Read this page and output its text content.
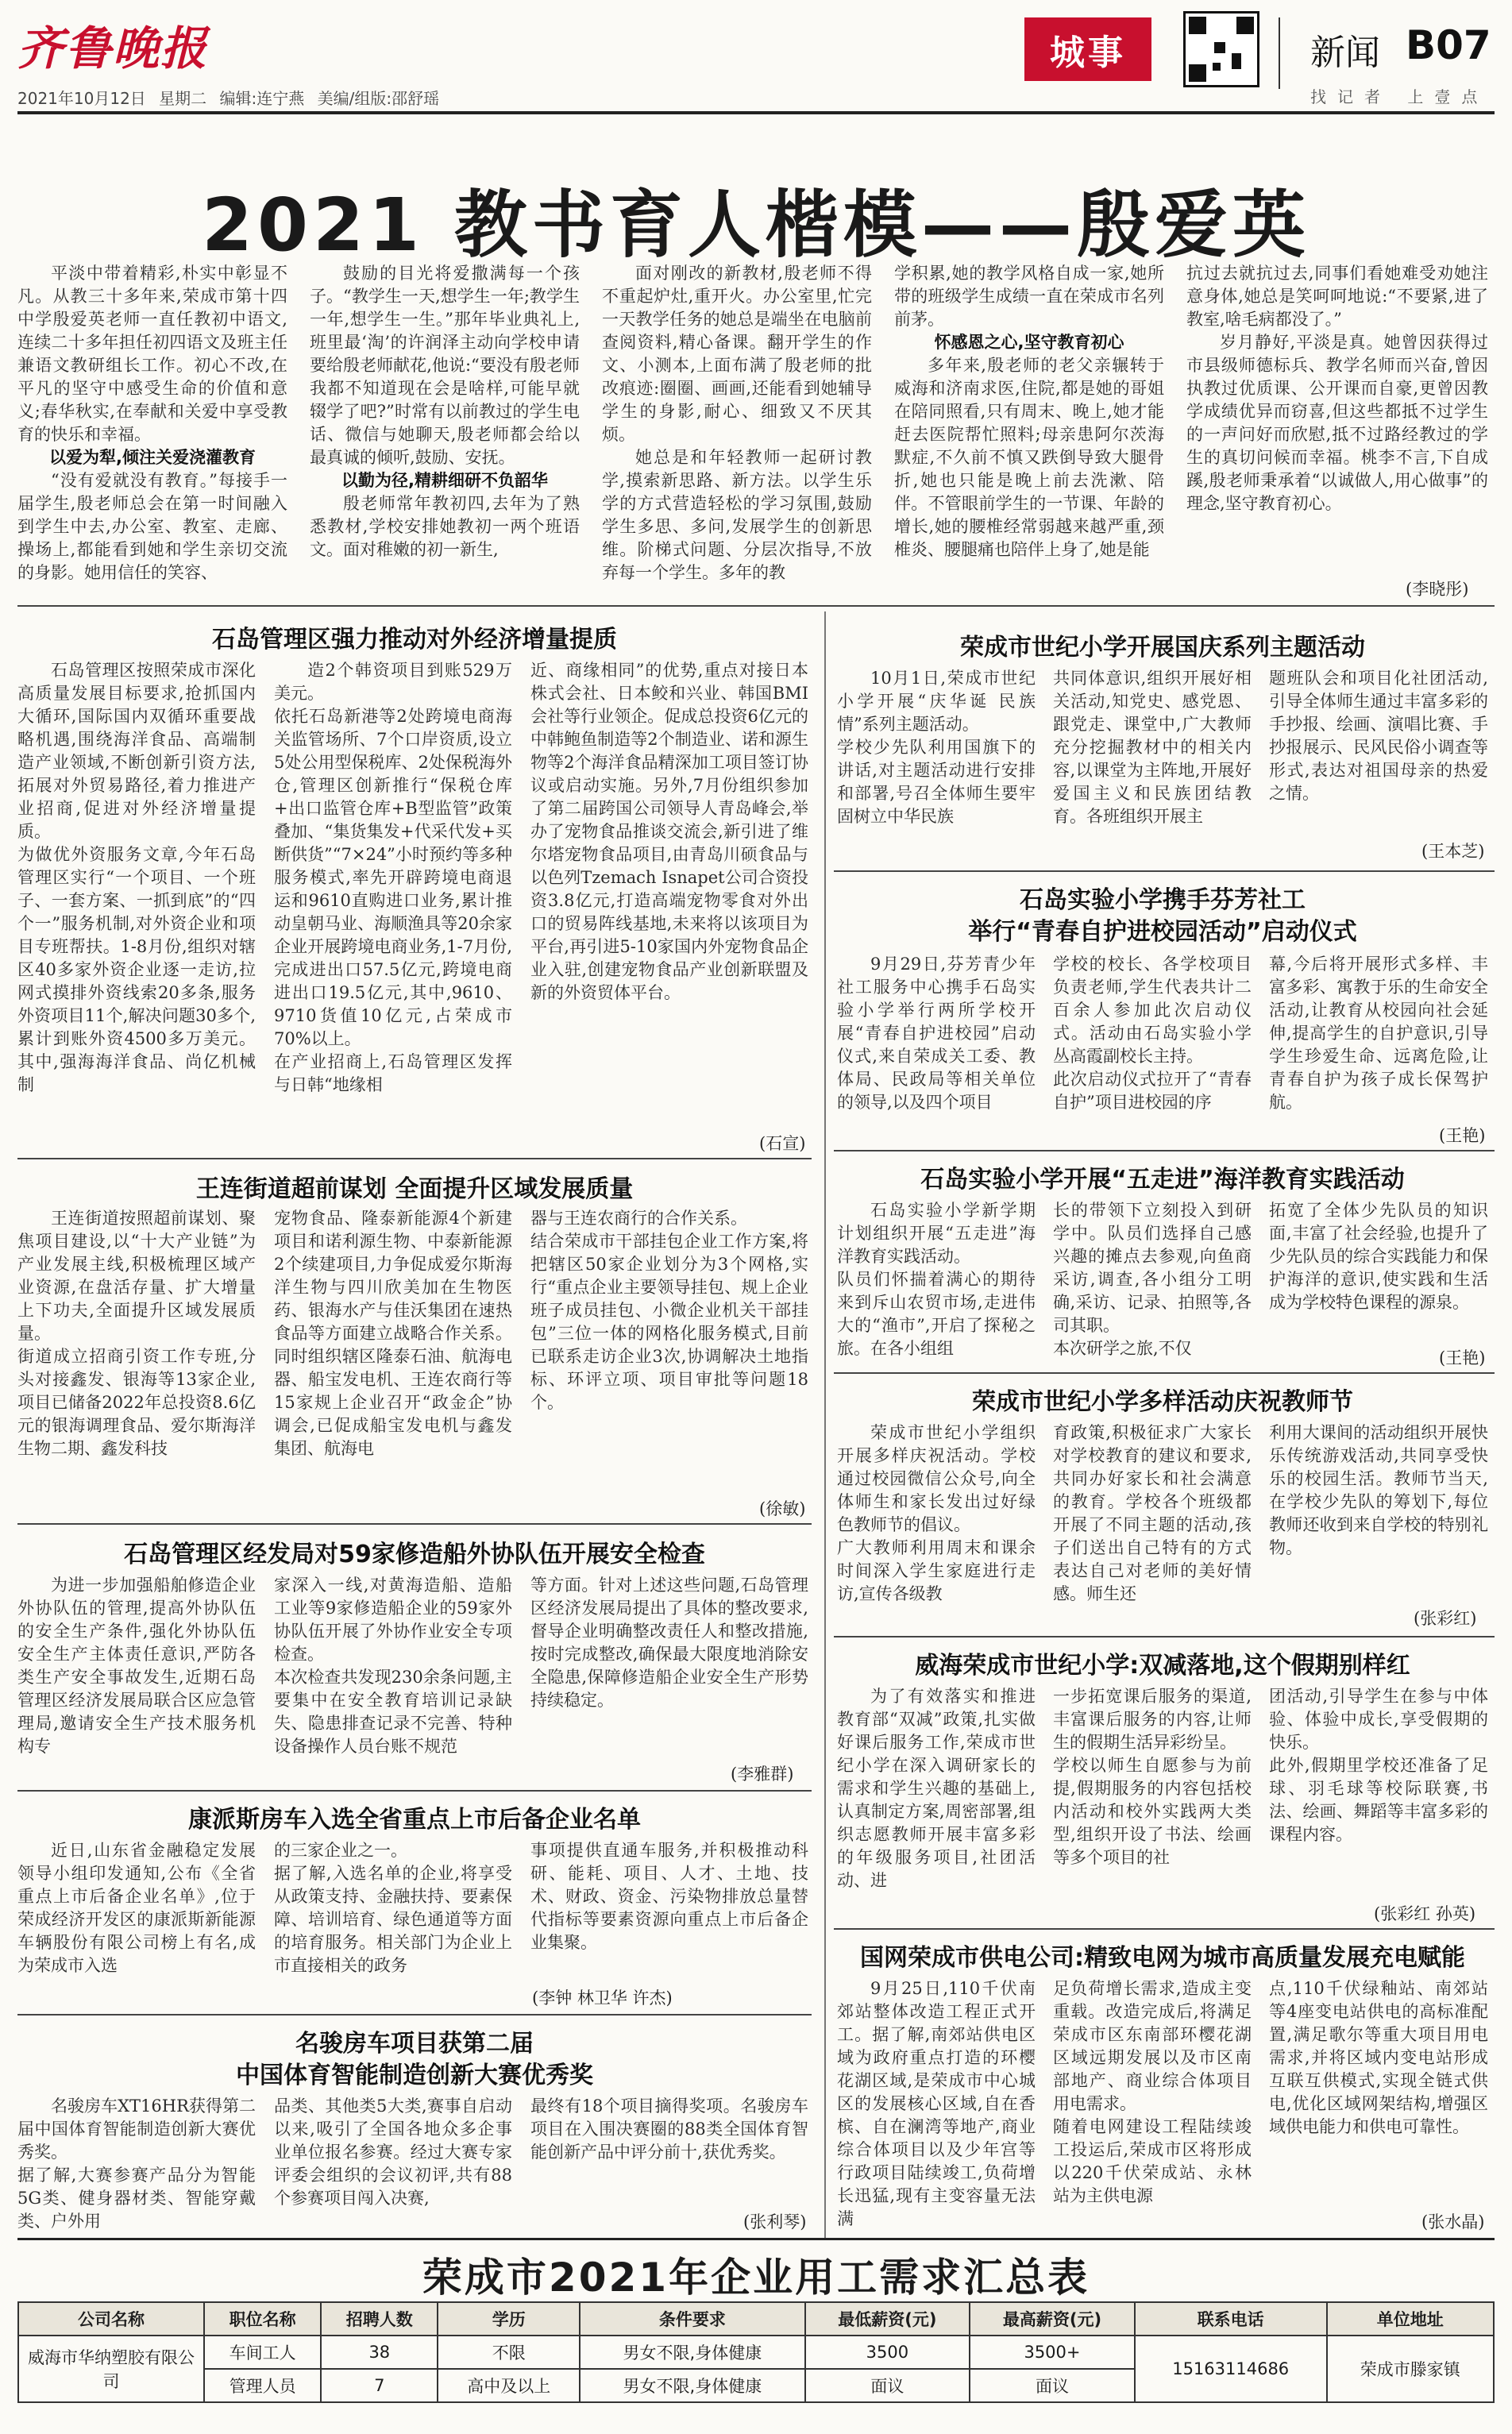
齐鲁晚报
2021年10月12日 星期二 编辑:连宁燕 美编/组版:邵舒瑶
城事	新闻 B07
找记者 上壹点
2021 教书育人楷模——殷爱英
平淡中带着精彩,朴实中彰显不凡。从教三十多年来,荣成市第十四中学殷爱英老师一直任教初中语文,连续二十多年担任初四语文及班主任兼语文教研组长工作。初心不改,在平凡的坚守中感受生命的价值和意义;春华秋实,在奉献和关爱中享受教育的快乐和幸福。
以爱为犁,倾注关爱浇灌教育
“没有爱就没有教育。”每接手一届学生,殷老师总会在第一时间融入到学生中去,办公室、教室、走廊、操场上,都能看到她和学生亲切交流的身影。她用信任的笑容、
鼓励的目光将爱撒满每一个孩子。“教学生一天,想学生一年;教学生一年,想学生一生。”那年毕业典礼上,班里最‘淘’的许润泽主动向学校申请要给殷老师献花,他说:“要没有殷老师我都不知道现在会是啥样,可能早就辍学了吧?”时常有以前教过的学生电话、微信与她聊天,殷老师都会给以最真诚的倾听,鼓励、安抚。
以勤为径,精耕细研不负韶华
殷老师常年教初四,去年为了熟悉教材,学校安排她教初一两个班语文。面对稚嫩的初一新生,
面对刚改的新教材,殷老师不得不重起炉灶,重开火。办公室里,忙完一天教学任务的她总是端坐在电脑前查阅资料,精心备课。翻开学生的作文、小测本,上面布满了殷老师的批改痕迹:圈圈、画画,还能看到她辅导学生的身影,耐心、细致又不厌其烦。
她总是和年轻教师一起研讨教学,摸索新思路、新方法。以学生乐学的方式营造轻松的学习氛围,鼓励学生多思、多问,发展学生的创新思维。阶梯式问题、分层次指导,不放弃每一个学生。多年的教
学积累,她的教学风格自成一家,她所带的班级学生成绩一直在荣成市名列前茅。
怀感恩之心,坚守教育初心
多年来,殷老师的老父亲辗转于威海和济南求医,住院,都是她的哥姐在陪同照看,只有周末、晚上,她才能赶去医院帮忙照料;母亲患阿尔茨海默症,不久前不慎又跌倒导致大腿骨折,她也只能是晚上前去洗漱、陪伴。不管眼前学生的一节课、年龄的增长,她的腰椎经常弱越来越严重,颈椎炎、腰腿痛也陪伴上身了,她是能
抗过去就抗过去,同事们看她难受劝她注意身体,她总是笑呵呵地说:“不要紧,进了教室,啥毛病都没了。”
岁月静好,平淡是真。她曾因获得过市县级师德标兵、教学名师而兴奋,曾因执教过优质课、公开课而自豪,更曾因教学成绩优异而窃喜,但这些都抵不过学生的一声问好而欣慰,抵不过路经教过的学生的真切问候而幸福。桃李不言,下自成蹊,殷老师秉承着“以诚做人,用心做事”的理念,坚守教育初心。
(李晓彤)
石岛管理区强力推动对外经济增量提质
石岛管理区按照荣成市深化高质量发展目标要求,抢抓国内大循环,国际国内双循环重要战略机遇,围绕海洋食品、高端制造产业领域,不断创新引资方法,拓展对外贸易路径,着力推进产业招商,促进对外经济增量提质。
为做优外资服务文章,今年石岛管理区实行“一个项目、一个班子、一套方案、一抓到底”的“四个一”服务机制,对外资企业和项目专班帮扶。1-8月份,组织对辖区40多家外资企业逐一走访,拉网式摸排外资线索20多条,服务外资项目11个,解决问题30多个,累计到账外资4500多万美元。其中,强海海洋食品、尚亿机械制
造2个韩资项目到账529万美元。
依托石岛新港等2处跨境电商海关监管场所、7个口岸资质,设立5处公用型保税库、2处保税海外仓,管理区创新推行“保税仓库+出口监管仓库+B型监管”政策叠加、“集货集发+代采代发+买断供货”“7×24”小时预约等多种服务模式,率先开辟跨境电商退运和9610直购进口业务,累计推动皇朝马业、海顺渔具等20余家企业开展跨境电商业务,1-7月份,完成进出口57.5亿元,跨境电商进出口19.5亿元,其中,9610、9710货值10亿元,占荣成市70%以上。
在产业招商上,石岛管理区发挥与日韩“地缘相
近、商缘相同”的优势,重点对接日本株式会社、日本鲛和兴业、韩国BMI会社等行业领企。促成总投资6亿元的中韩鲍鱼制造等2个制造业、诺和源生物等2个海洋食品精深加工项目签订协议或启动实施。另外,7月份组织参加了第二届跨国公司领导人青岛峰会,举办了宠物食品推谈交流会,新引进了维尔塔宠物食品项目,由青岛川硕食品与以色列Tzemach Isnapet公司合资投资3.8亿元,打造高端宠物零食对外出口的贸易阵线基地,未来将以该项目为平台,再引进5-10家国内外宠物食品企业入驻,创建宠物食品产业创新联盟及新的外资贸体平台。
(石宣)
荣成市世纪小学开展国庆系列主题活动
10月1日,荣成市世纪小学开展“庆华诞 民族情”系列主题活动。
学校少先队利用国旗下的讲话,对主题活动进行安排和部署,号召全体师生要牢固树立中华民族
共同体意识,组织开展好相关活动,知党史、感党恩、跟党走、课堂中,广大教师充分挖掘教材中的相关内容,以课堂为主阵地,开展好爱国主义和民族团结教育。各班组织开展主
题班队会和项目化社团活动,引导全体师生通过丰富多彩的手抄报、绘画、演唱比赛、手抄报展示、民风民俗小调查等形式,表达对祖国母亲的热爱之情。
(王本芝)
石岛实验小学携手芬芳社工
举行“青春自护进校园活动”启动仪式
9月29日,芬芳青少年社工服务中心携手石岛实验小学举行两所学校开展“青春自护进校园”启动仪式,来自荣成关工委、教体局、民政局等相关单位的领导,以及四个项目
学校的校长、各学校项目负责老师,学生代表共计二百余人参加此次启动仪式。活动由石岛实验小学丛高霞副校长主持。
此次启动仪式拉开了“青春自护”项目进校园的序
幕,今后将开展形式多样、丰富多彩、寓教于乐的生命安全活动,让教育从校园向社会延伸,提高学生的自护意识,引导学生珍爱生命、远离危险,让青春自护为孩子成长保驾护航。
(王艳)
石岛实验小学开展“五走进”海洋教育实践活动
石岛实验小学新学期计划组织开展“五走进”海洋教育实践活动。
队员们怀揣着满心的期待来到斥山农贸市场,走进伟大的“渔市”,开启了探秘之旅。在各小组组
长的带领下立刻投入到研学中。队员们选择自己感兴趣的摊点去参观,向鱼商采访,调查,各小组分工明确,采访、记录、拍照等,各司其职。
本次研学之旅,不仅
拓宽了全体少先队员的知识面,丰富了社会经验,也提升了少先队员的综合实践能力和保护海洋的意识,使实践和生活成为学校特色课程的源泉。
(王艳)
王连街道超前谋划 全面提升区域发展质量
王连街道按照超前谋划、聚焦项目建设,以“十大产业链”为产业发展主线,积极梳理区域产业资源,在盘活存量、扩大增量上下功夫,全面提升区域发展质量。
街道成立招商引资工作专班,分头对接鑫发、银海等13家企业,项目已储备2022年总投资8.6亿元的银海调理食品、爱尔斯海洋生物二期、鑫发科技
宠物食品、隆泰新能源4个新建项目和诺利源生物、中泰新能源2个续建项目,力争促成爱尔斯海洋生物与四川欣美加在生物医药、银海水产与佳沃集团在速热食品等方面建立战略合作关系。同时组织辖区隆泰石油、航海电器、船宝发电机、王连农商行等15家规上企业召开“政金企”协调会,已促成船宝发电机与鑫发集团、航海电
器与王连农商行的合作关系。
结合荣成市干部挂包企业工作方案,将把辖区50家企业划分为3个网格,实行“重点企业主要领导挂包、规上企业班子成员挂包、小微企业机关干部挂包”三位一体的网格化服务模式,目前已联系走访企业3次,协调解决土地指标、环评立项、项目审批等问题18个。
(徐敏)
荣成市世纪小学多样活动庆祝教师节
荣成市世纪小学组织开展多样庆祝活动。学校通过校园微信公众号,向全体师生和家长发出过好绿色教师节的倡议。
广大教师利用周末和课余时间深入学生家庭进行走访,宣传各级教
育政策,积极征求广大家长对学校教育的建议和要求,共同办好家长和社会满意的教育。学校各个班级都开展了不同主题的活动,孩子们送出自己特有的方式表达自己对老师的美好情感。师生还
利用大课间的活动组织开展快乐传统游戏活动,共同享受快乐的校园生活。教师节当天,在学校少先队的筹划下,每位教师还收到来自学校的特别礼物。
(张彩红)
石岛管理区经发局对59家修造船外协队伍开展安全检查
为进一步加强船舶修造企业外协队伍的管理,提高外协队伍的安全生产条件,强化外协队伍安全生产主体责任意识,严防各类生产安全事故发生,近期石岛管理区经济发展局联合区应急管理局,邀请安全生产技术服务机构专
家深入一线,对黄海造船、造船工业等9家修造船企业的59家外协队伍开展了外协作业安全专项检查。
本次检查共发现230余条问题,主要集中在安全教育培训记录缺失、隐患排查记录不完善、特种设备操作人员台账不规范
等方面。针对上述这些问题,石岛管理区经济发展局提出了具体的整改要求,督导企业明确整改责任人和整改措施,按时完成整改,确保最大限度地消除安全隐患,保障修造船企业安全生产形势持续稳定。
(李雅群)
威海荣成市世纪小学:双减落地,这个假期别样红
为了有效落实和推进教育部“双减”政策,扎实做好课后服务工作,荣成市世纪小学在深入调研家长的需求和学生兴趣的基础上,认真制定方案,周密部署,组织志愿教师开展丰富多彩的年级服务项目,社团活动、进
一步拓宽课后服务的渠道,丰富课后服务的内容,让师生的假期生活异彩纷呈。
学校以师生自愿参与为前提,假期服务的内容包括校内活动和校外实践两大类型,组织开设了书法、绘画等多个项目的社
团活动,引导学生在参与中体验、体验中成长,享受假期的快乐。
此外,假期里学校还准备了足球、羽毛球等校际联赛,书法、绘画、舞蹈等丰富多彩的课程内容。
(张彩红 孙英)
康派斯房车入选全省重点上市后备企业名单
近日,山东省金融稳定发展领导小组印发通知,公布《全省重点上市后备企业名单》,位于荣成经济开发区的康派斯新能源车辆股份有限公司榜上有名,成为荣成市入选
的三家企业之一。
据了解,入选名单的企业,将享受从政策支持、金融扶持、要素保障、培训培育、绿色通道等方面的培育服务。相关部门为企业上市直接相关的政务
事项提供直通车服务,并积极推动科研、能耗、项目、人才、土地、技术、财政、资金、污染物排放总量替代指标等要素资源向重点上市后备企业集聚。
(李钟 林卫华 许杰)
名骏房车项目获第二届
中国体育智能制造创新大赛优秀奖
名骏房车XT16HR获得第二届中国体育智能制造创新大赛优秀奖。
据了解,大赛参赛产品分为智能5G类、健身器材类、智能穿戴类、户外用
品类、其他类5大类,赛事自启动以来,吸引了全国各地众多企事业单位报名参赛。经过大赛专家评委会组织的会议初评,共有88个参赛项目闯入决赛,
最终有18个项目摘得奖项。名骏房车项目在入围决赛圈的88类全国体育智能创新产品中评分前十,获优秀奖。
(张利琴)
国网荣成市供电公司:精致电网为城市高质量发展充电赋能
9月25日,110千伏南郊站整体改造工程正式开工。据了解,南郊站供电区域为政府重点打造的环樱花湖区域,是荣成市中心城区的发展核心区域,自在香槟、自在澜湾等地产,商业综合体项目以及少年宫等行政项目陆续竣工,负荷增长迅猛,现有主变容量无法满
足负荷增长需求,造成主变重载。改造完成后,将满足荣成市区东南部环樱花湖区域远期发展以及市区南部地产、商业综合体项目用电需求。
随着电网建设工程陆续竣工投运后,荣成市区将形成以220千伏荣成站、永林站为主供电源
点,110千伏绿釉站、南郊站等4座变电站供电的高标准配置,满足歌尔等重大项目用电需求,并将区域内变电站形成互联互供模式,实现全链式供电,优化区域网架结构,增强区域供电能力和供电可靠性。
(张水晶)
荣成市2021年企业用工需求汇总表
公司名称	职位名称	招聘人数	学历	条件要求	最低薪资(元)	最高薪资(元)	联系电话	单位地址
威海市华纳塑胶有限公司	车间工人	38	不限	男女不限,身体健康	3500	3500+	15163114686	荣成市滕家镇
	管理人员	7	高中及以上	男女不限,身体健康	面议	面议		
